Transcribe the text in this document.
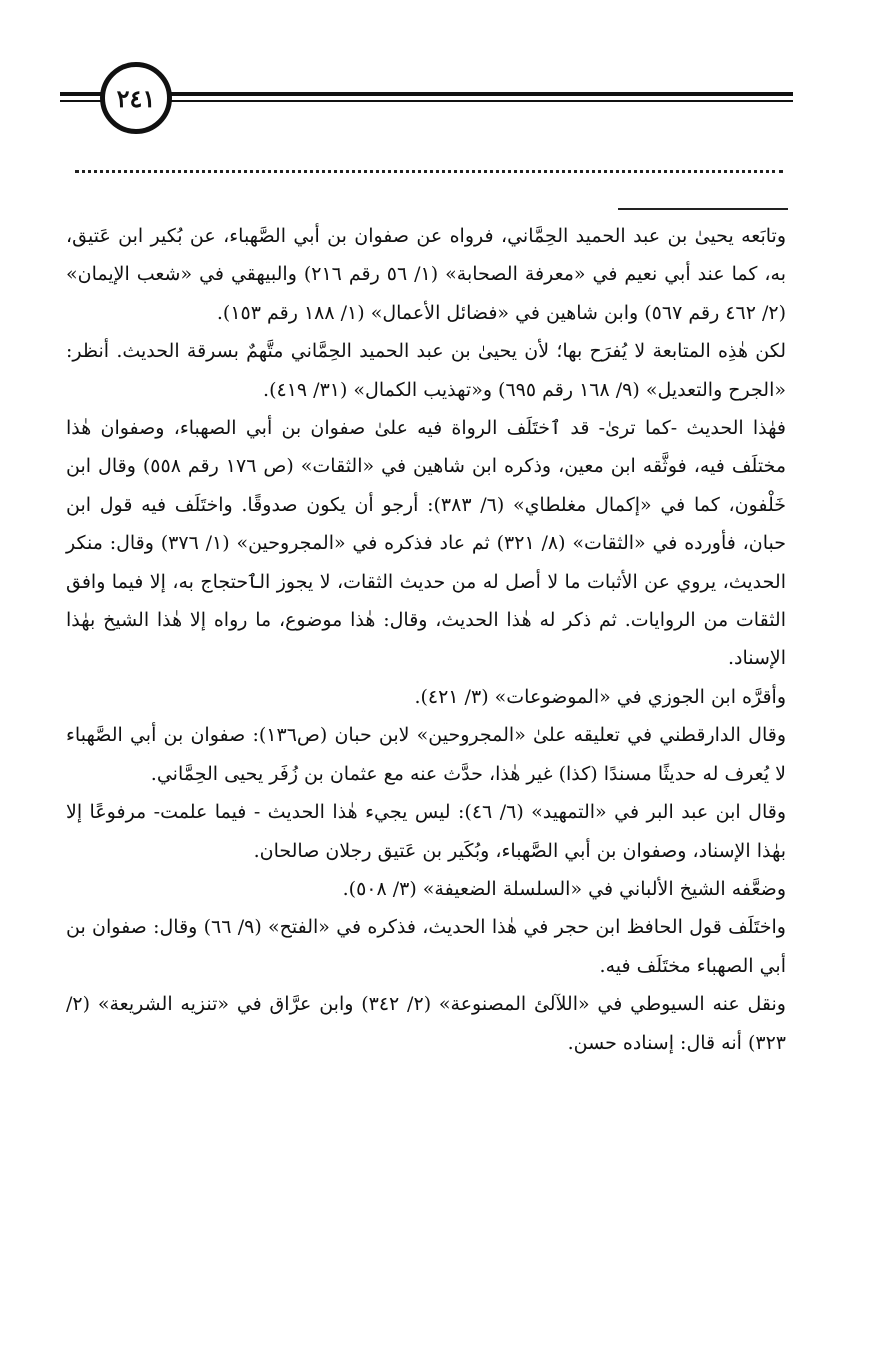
٢٤١

وتابَعه يحيىٰ بن عبد الحميد الحِمَّاني، فرواه عن صفوان بن أبي الصَّهباء، عن بُكير ابن عَتيق، به، كما عند أبي نعيم في «معرفة الصحابة» (١/ ٥٦ رقم ٢١٦) والبيهقي في «شعب الإيمان» (٢/ ٤٦٢ رقم ٥٦٧) وابن شاهين في «فضائل الأعمال» (١/ ١٨٨ رقم ١٥٣).

لكن هٰذِه المتابعة لا يُفرَح بها؛ لأن يحيىٰ بن عبد الحميد الحِمَّاني متَّهمٌ بسرقة الحديث. أنظر: «الجرح والتعديل» (٩/ ١٦٨ رقم ٦٩٥) و«تهذيب الكمال» (٣١/ ٤١٩).

فهٰذا الحديث -كما ترىٰ- قد ٱختَلَف الرواة فيه علىٰ صفوان بن أبي الصهباء، وصفوان هٰذا مختلَف فيه، فوثَّقه ابن معين، وذكره ابن شاهين في «الثقات» (ص ١٧٦ رقم ٥٥٨) وقال ابن خَلْفون، كما في «إكمال مغلطاي» (٦/ ٣٨٣): أرجو أن يكون صدوقًا. واختَلَف فيه قول ابن حبان، فأورده في «الثقات» (٨/ ٣٢١) ثم عاد فذكره في «المجروحين» (١/ ٣٧٦) وقال: منكر الحديث، يروي عن الأثبات ما لا أصل له من حديث الثقات، لا يجوز الٱحتجاج به، إلا فيما وافق الثقات من الروايات. ثم ذكر له هٰذا الحديث، وقال: هٰذا موضوع، ما رواه إلا هٰذا الشيخ بهٰذا الإسناد.

وأقرَّه ابن الجوزي في «الموضوعات» (٣/ ٤٢١).

وقال الدارقطني في تعليقه علىٰ «المجروحين» لابن حبان (ص١٣٦): صفوان بن أبي الصَّهباء لا يُعرف له حديثًا مسندًا (كذا) غير هٰذا، حدَّث عنه مع عثمان بن زُفَر يحيى الحِمَّاني.

وقال ابن عبد البر في «التمهيد» (٦/ ٤٦): ليس يجيء هٰذا الحديث - فيما علمت- مرفوعًا إلا بهٰذا الإسناد، وصفوان بن أبي الصَّهباء، وبُكَير بن عَتيق رجلان صالحان.

وضعَّفه الشيخ الألباني في «السلسلة الضعيفة» (٣/ ٥٠٨).

واختَلَف قول الحافظ ابن حجر في هٰذا الحديث، فذكره في «الفتح» (٩/ ٦٦) وقال: صفوان بن أبي الصهباء مختَلَف فيه.

ونقل عنه السيوطي في «اللآلئ المصنوعة» (٢/ ٣٤٢) وابن عرَّاق في «تنزيه الشريعة» (٢/ ٣٢٣) أنه قال: إسناده حسن.
